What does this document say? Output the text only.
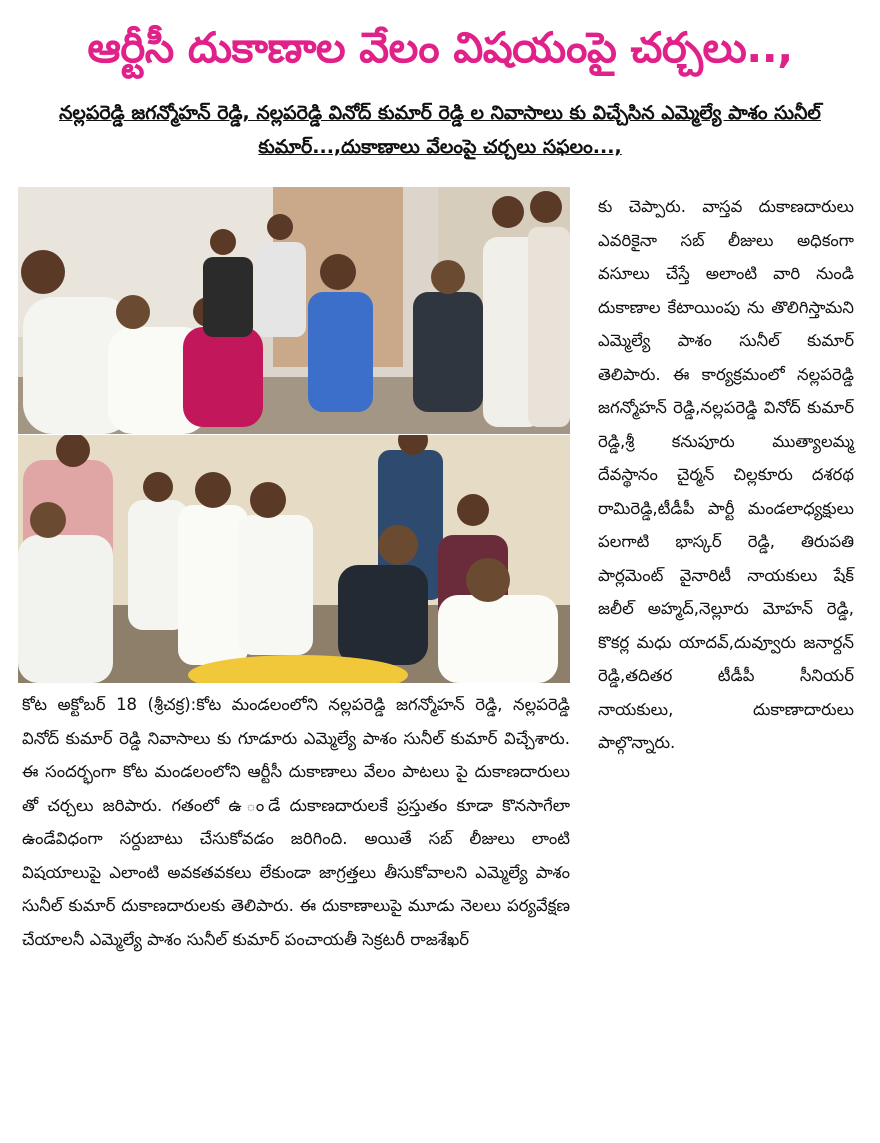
ఆర్టీసీ దుకాణాల వేలం విషయంపై చర్చలు..,
నల్లపరెడ్డి జగన్మోహన్ రెడ్డి, నల్లపరెడ్డి వినోద్ కుమార్ రెడ్డి ల నివాసాలు కు విచ్చేసిన ఎమ్మెల్యే పాశం సునీల్ కుమార్...,దుకాణాలు వేలంపై చర్చలు సఫలం...,

కోట అక్టోబర్ 18 (శ్రీచక్ర):కోట మండలంలోని నల్లపరెడ్డి జగన్మోహన్ రెడ్డి, నల్లపరెడ్డి వినోద్ కుమార్ రెడ్డి నివాసాలు కు గూడూరు ఎమ్మెల్యే పాశం సునీల్ కుమార్ విచ్చేశారు. ఈ సందర్భంగా కోట మండలంలోని ఆర్టీసీ దుకాణాలు వేలం పాటలు పై దుకాణదారులు తో చర్చలు జరిపారు. గతంలో ఉ ండే దుకాణదారులకే ప్రస్తుతం కూడా కొనసాగేలా ఉండేవిధంగా సర్దుబాటు చేసుకోవడం జరిగింది. అయితే సబ్ లీజులు లాంటి విషయాలుపై ఎలాంటి అవకతవకలు లేకుండా జాగ్రత్తలు తీసుకోవాలని ఎమ్మెల్యే పాశం సునీల్ కుమార్ దుకాణదారులకు తెలిపారు. ఈ దుకాణాలుపై మూడు నెలలు పర్యవేక్షణ చేయాలనీ ఎమ్మెల్యే పాశం సునీల్ కుమార్ పంచాయతీ సెక్రటరీ రాజశేఖర్

కు చెప్పారు. వాస్తవ దుకాణదారులు ఎవరికైనా సబ్ లీజులు అధికంగా వసూలు చేస్తే అలాంటి వారి నుండి దుకాణాల కేటాయింపు ను తొలిగిస్తామని ఎమ్మెల్యే పాశం సునీల్ కుమార్ తెలిపారు. ఈ కార్యక్రమంలో నల్లపరెడ్డి జగన్మోహన్ రెడ్డి,నల్లపరెడ్డి వినోద్ కుమార్ రెడ్డి,శ్రీ కనుపూరు ముత్యాలమ్మ దేవస్థానం చైర్మన్ చిల్లకూరు దశరథ రామిరెడ్డి,టీడీపీ పార్టీ మండలాధ్యక్షులు పలగాటి భాస్కర్ రెడ్డి, తిరుపతి పార్లమెంట్ వైనారిటీ నాయకులు షేక్ జలీల్ అహ్మద్,నెల్లూరు మోహన్ రెడ్డి, కొకర్ల మధు యాదవ్,దువ్వూరు జనార్దన్ రెడ్డి,తదితర టీడీపీ సీనియర్ నాయకులు, దుకాణాదారులు పాల్గొన్నారు.
